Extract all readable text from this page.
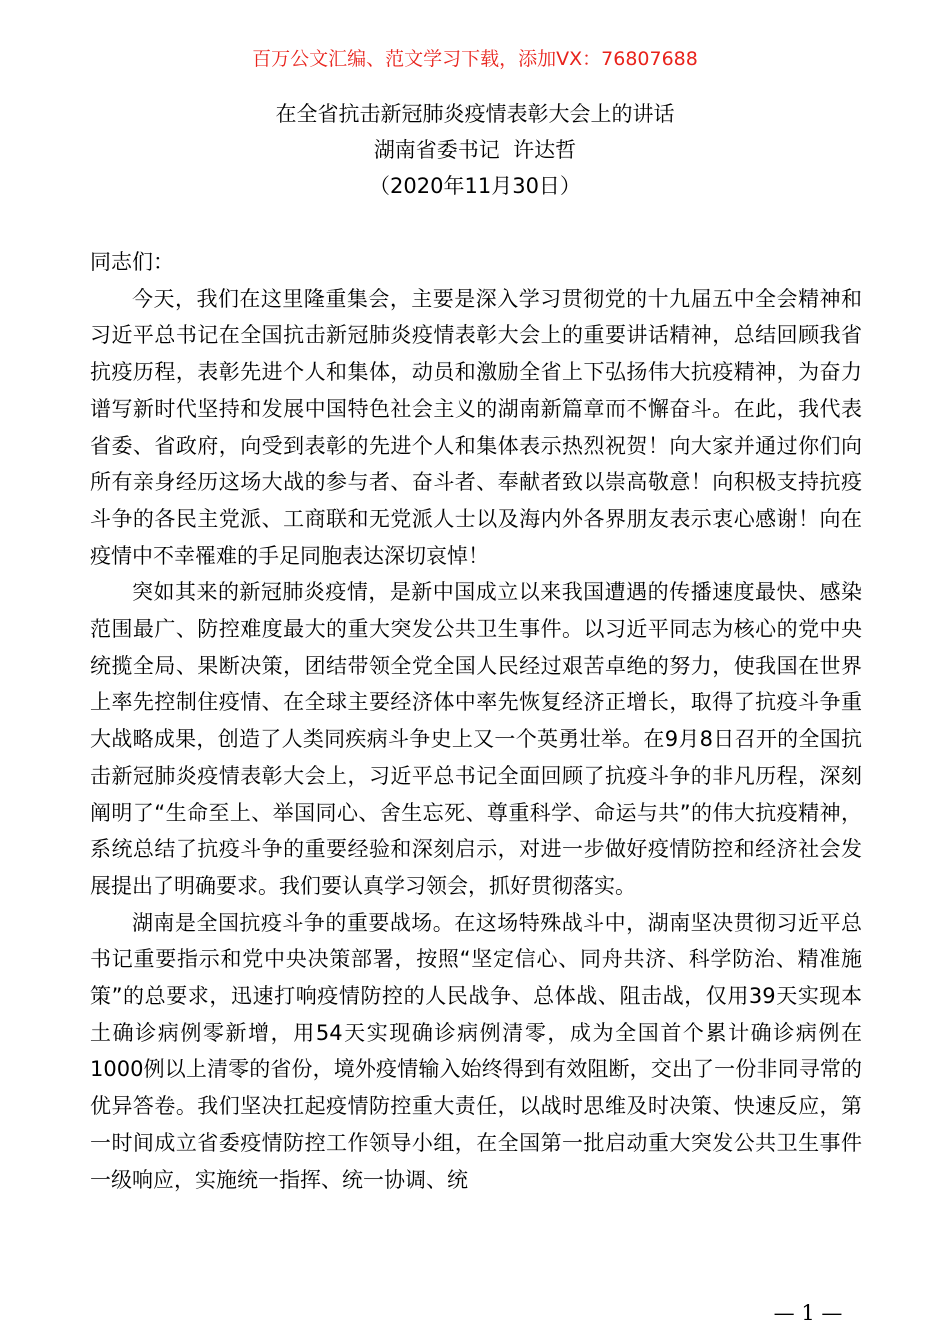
百万公文汇编、范文学习下载，添加VX：76807688
在全省抗击新冠肺炎疫情表彰大会上的讲话
湖南省委书记  许达哲
（2020年11月30日）

同志们：

今天，我们在这里隆重集会，主要是深入学习贯彻党的十九届五中全会精神和习近平总书记在全国抗击新冠肺炎疫情表彰大会上的重要讲话精神，总结回顾我省抗疫历程，表彰先进个人和集体，动员和激励全省上下弘扬伟大抗疫精神，为奋力谱写新时代坚持和发展中国特色社会主义的湖南新篇章而不懈奋斗。在此，我代表省委、省政府，向受到表彰的先进个人和集体表示热烈祝贺！向大家并通过你们向所有亲身经历这场大战的参与者、奋斗者、奉献者致以崇高敬意！向积极支持抗疫斗争的各民主党派、工商联和无党派人士以及海内外各界朋友表示衷心感谢！向在疫情中不幸罹难的手足同胞表达深切哀悼！

突如其来的新冠肺炎疫情，是新中国成立以来我国遭遇的传播速度最快、感染范围最广、防控难度最大的重大突发公共卫生事件。以习近平同志为核心的党中央统揽全局、果断决策，团结带领全党全国人民经过艰苦卓绝的努力，使我国在世界上率先控制住疫情、在全球主要经济体中率先恢复经济正增长，取得了抗疫斗争重大战略成果，创造了人类同疾病斗争史上又一个英勇壮举。在9月8日召开的全国抗击新冠肺炎疫情表彰大会上，习近平总书记全面回顾了抗疫斗争的非凡历程，深刻阐明了“生命至上、举国同心、舍生忘死、尊重科学、命运与共”的伟大抗疫精神，系统总结了抗疫斗争的重要经验和深刻启示，对进一步做好疫情防控和经济社会发展提出了明确要求。我们要认真学习领会，抓好贯彻落实。

湖南是全国抗疫斗争的重要战场。在这场特殊战斗中，湖南坚决贯彻习近平总书记重要指示和党中央决策部署，按照“坚定信心、同舟共济、科学防治、精准施策”的总要求，迅速打响疫情防控的人民战争、总体战、阻击战，仅用39天实现本土确诊病例零新增，用54天实现确诊病例清零，成为全国首个累计确诊病例在1000例以上清零的省份，境外疫情输入始终得到有效阻断，交出了一份非同寻常的优异答卷。我们坚决扛起疫情防控重大责任，以战时思维及时决策、快速反应，第一时间成立省委疫情防控工作领导小组，在全国第一批启动重大突发公共卫生事件一级响应，实施统一指挥、统一协调、统

— 1 —
